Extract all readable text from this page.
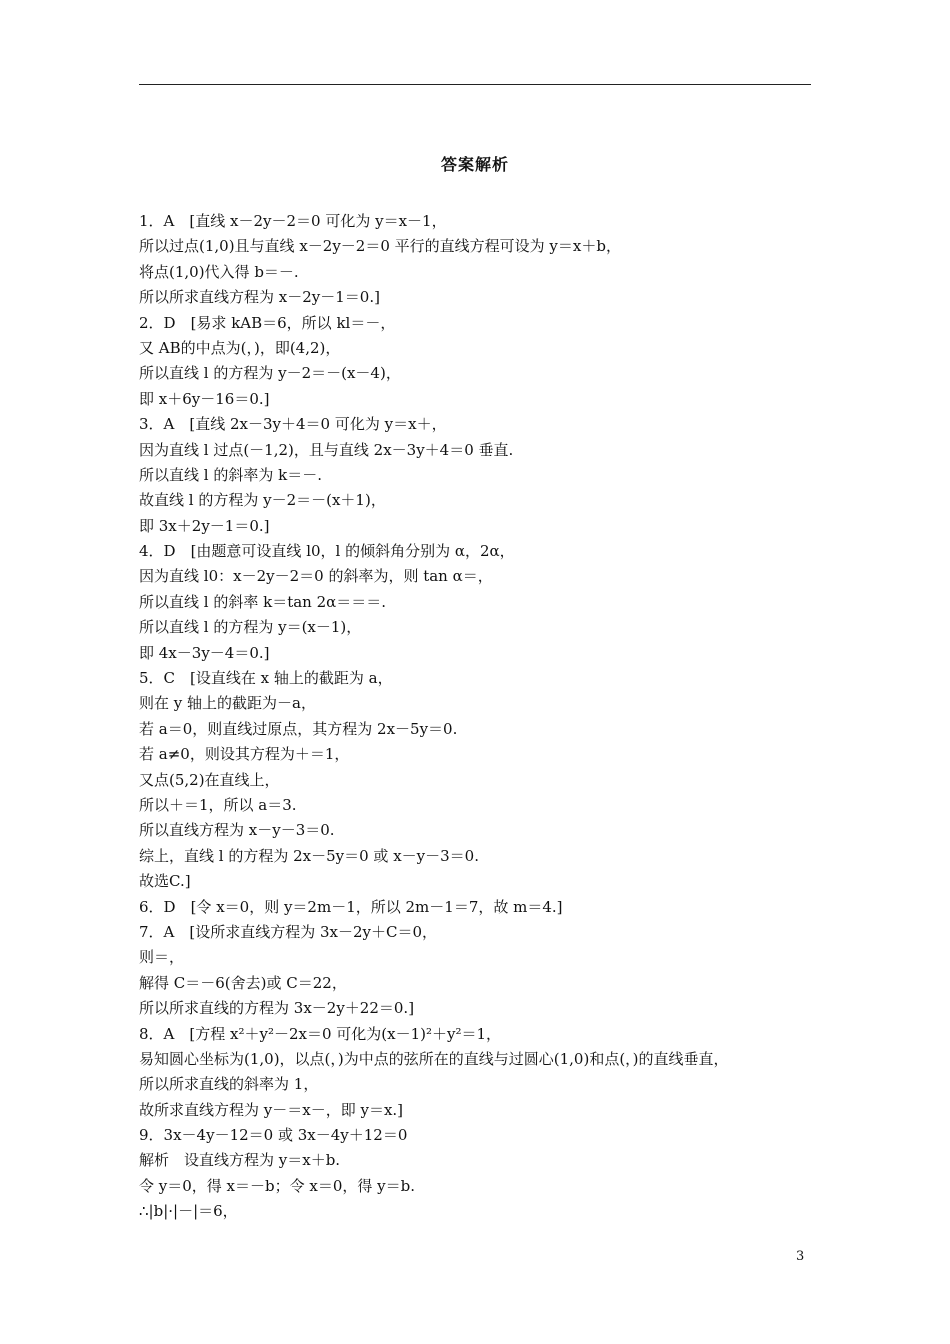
答案解析
1．A　[直线 x－2y－2＝0 可化为 y＝x－1，
所以过点(1,0)且与直线 x－2y－2＝0 平行的直线方程可设为 y＝x＋b，
将点(1,0)代入得 b＝－.
所以所求直线方程为 x－2y－1＝0.]
2．D　[易求 kAB＝6，所以 kl＝－，
又 AB的中点为(，)，即(4,2)，
所以直线 l 的方程为 y－2＝－(x－4)，
即 x＋6y－16＝0.]
3．A　[直线 2x－3y＋4＝0 可化为 y＝x＋，
因为直线 l 过点(－1,2)，且与直线 2x－3y＋4＝0 垂直.
所以直线 l 的斜率为 k＝－.
故直线 l 的方程为 y－2＝－(x＋1)，
即 3x＋2y－1＝0.]
4．D　[由题意可设直线 l0，l 的倾斜角分别为 α，2α，
因为直线 l0：x－2y－2＝0 的斜率为，则 tan α＝，
所以直线 l 的斜率 k＝tan 2α＝＝＝.
所以直线 l 的方程为 y＝(x－1)，
即 4x－3y－4＝0.]
5．C　[设直线在 x 轴上的截距为 a，
则在 y 轴上的截距为－a，
若 a＝0，则直线过原点，其方程为 2x－5y＝0.
若 a≠0，则设其方程为＋＝1，
又点(5,2)在直线上，
所以＋＝1，所以 a＝3.
所以直线方程为 x－y－3＝0.
综上，直线 l 的方程为 2x－5y＝0 或 x－y－3＝0.
故选C.]
6．D　[令 x＝0，则 y＝2m－1，所以 2m－1＝7，故 m＝4.]
7．A　[设所求直线方程为 3x－2y＋C＝0，
则＝，
解得 C＝－6(舍去)或 C＝22，
所以所求直线的方程为 3x－2y＋22＝0.]
8．A　[方程 x²＋y²－2x＝0 可化为(x－1)²＋y²＝1，
易知圆心坐标为(1,0)，以点(，)为中点的弦所在的直线与过圆心(1,0)和点(，)的直线垂直，
所以所求直线的斜率为 1，
故所求直线方程为 y－＝x－，即 y＝x.]
9．3x－4y－12＝0 或 3x－4y＋12＝0
解析　设直线方程为 y＝x＋b.
令 y＝0，得 x＝－b；令 x＝0，得 y＝b.
∴|b|·|－|＝6，
3
